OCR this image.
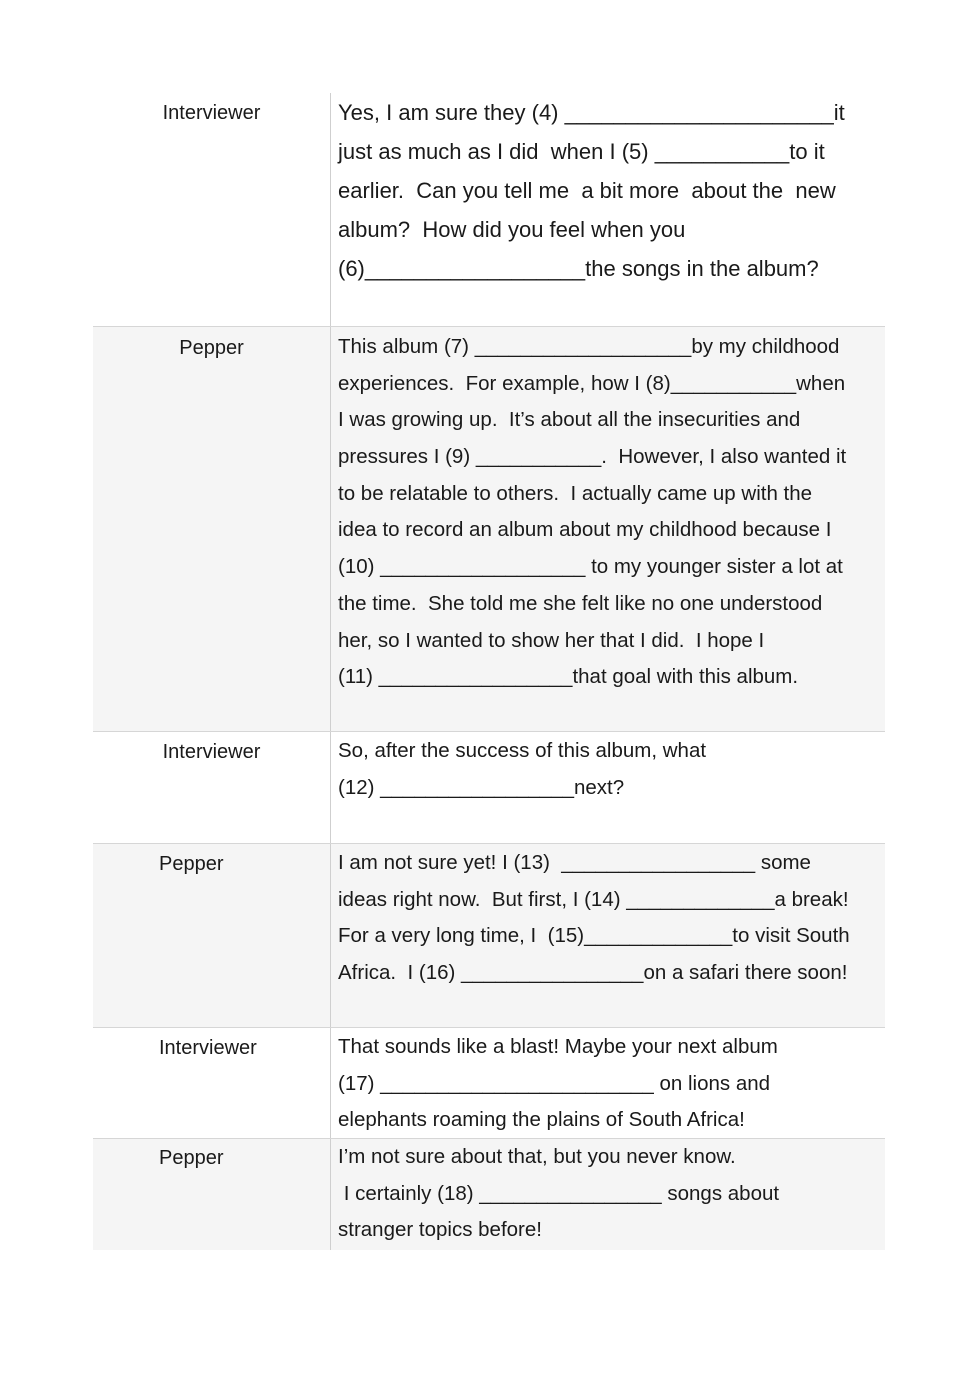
Interviewer	Yes, I am sure they (4) ______________________it
just as much as I did  when I (5) ___________to it
earlier.  Can you tell me  a bit more  about the  new
album?  How did you feel when you
(6)__________________the songs in the album?
Pepper	This album (7) ___________________by my childhood
experiences.  For example, how I (8)___________when
I was growing up.  It’s about all the insecurities and
pressures I (9) ___________.  However, I also wanted it
to be relatable to others.  I actually came up with the
idea to record an album about my childhood because I
(10) __________________ to my younger sister a lot at
the time.  She told me she felt like no one understood
her, so I wanted to show her that I did.  I hope I
(11) _________________that goal with this album.
Interviewer	So, after the success of this album, what
(12) _________________next?
Pepper	I am not sure yet! I (13)  _________________ some
ideas right now.  But first, I (14) _____________a break!
For a very long time, I  (15)_____________to visit South
Africa.  I (16) ________________on a safari there soon!
Interviewer	That sounds like a blast! Maybe your next album
(17) ________________________ on lions and
elephants roaming the plains of South Africa!
Pepper	I’m not sure about that, but you never know.
I certainly (18) ________________ songs about
stranger topics before!
